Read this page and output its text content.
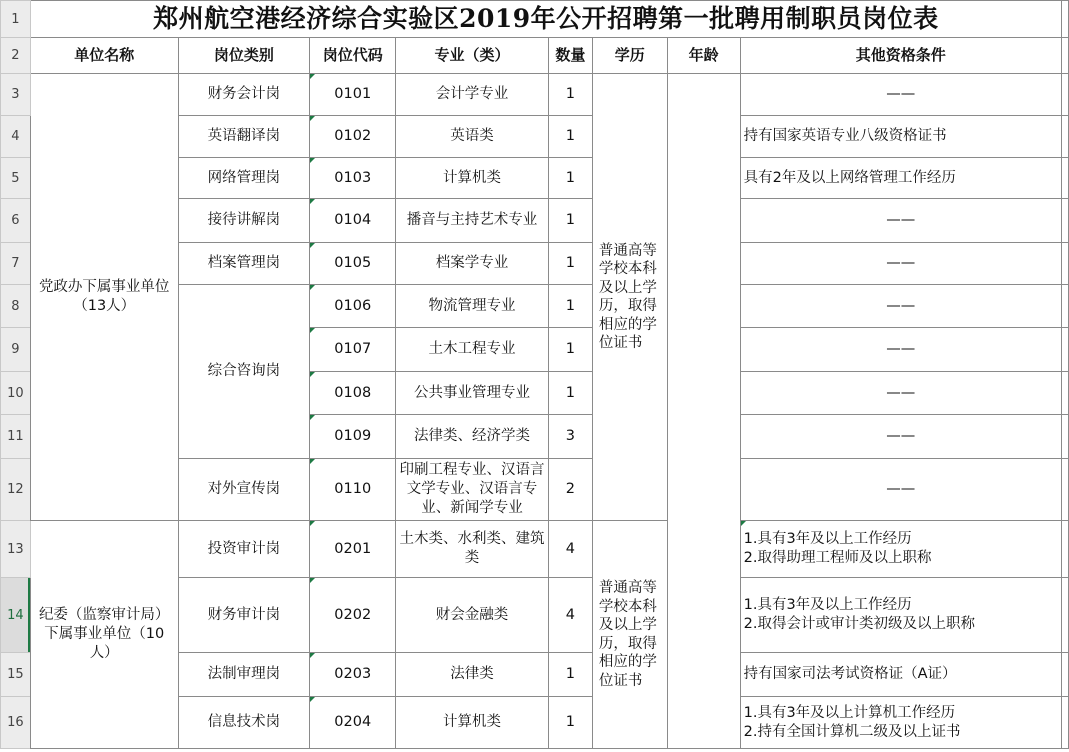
1	郑州航空港经济综合实验区2019年公开招聘第一批聘用制职员岗位表								
2	单位名称	岗位类别	岗位代码	专业（类）	数量	学历	年龄	其他资格条件	
3	党政办下属事业单位（13人）	财务会计岗	0101	会计学专业	1	普通高等学校本科及以上学历，取得相应的学位证书		——	
4		英语翻译岗	0102	英语类	1			持有国家英语专业八级资格证书	
5		网络管理岗	0103	计算机类	1			具有2年及以上网络管理工作经历	
6		接待讲解岗	0104	播音与主持艺术专业	1			——	
7		档案管理岗	0105	档案学专业	1			——	
8		综合咨询岗	0106	物流管理专业	1			——	
9			0107	土木工程专业	1			——	
10			0108	公共事业管理专业	1			——	
11			0109	法律类、经济学类	3			——	
12		对外宣传岗	0110	印刷工程专业、汉语言文学专业、汉语言专业、新闻学专业	2			——	
13	纪委（监察审计局）下属事业单位（10人）	投资审计岗	0201	土木类、水利类、建筑类	4	普通高等学校本科及以上学历，取得相应的学位证书		1.具有3年及以上工作经历
2.取得助理工程师及以上职称	

14		财务审计岗	0202	财会金融类	4			1.具有3年及以上工作经历
2.取得会计或审计类初级及以上职称	

15		法制审理岗	0203	法律类	1			持有国家司法考试资格证（A证）	
16		信息技术岗	0204	计算机类	1			1.具有3年及以上计算机工作经历
2.持有全国计算机二级及以上证书	
